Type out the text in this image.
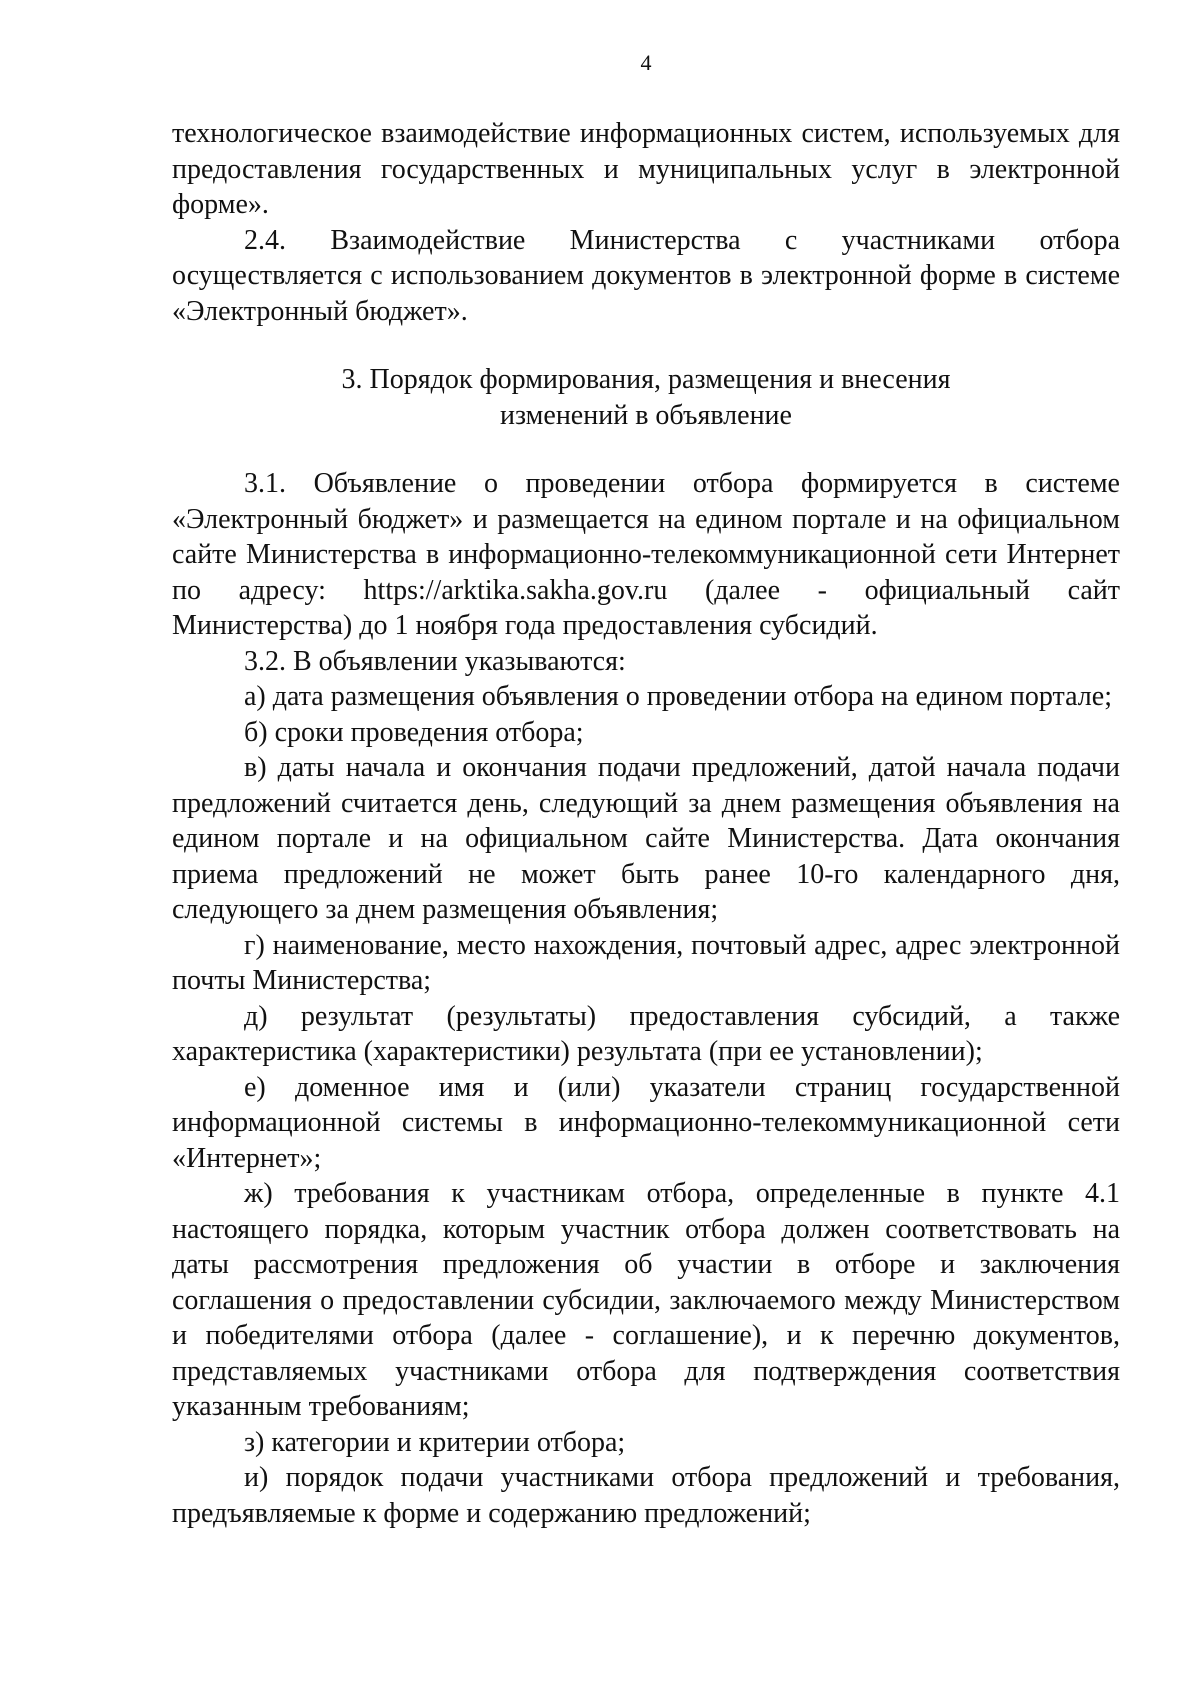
4

технологическое взаимодействие информационных систем, используемых для предоставления государственных и муниципальных услуг в электронной форме».

2.4. Взаимодействие Министерства с участниками отбора осуществляется с использованием документов в электронной форме в системе «Электронный бюджет».

3. Порядок формирования, размещения и внесения
изменений в объявление

3.1. Объявление о проведении отбора формируется в системе «Электронный бюджет» и размещается на едином портале и на официальном сайте Министерства в информационно-телекоммуникационной сети Интернет по адресу: https://arktika.sakha.gov.ru (далее - официальный сайт Министерства) до 1 ноября года предоставления субсидий.

3.2. В объявлении указываются:

а) дата размещения объявления о проведении отбора на едином портале;

б) сроки проведения отбора;

в) даты начала и окончания подачи предложений, датой начала подачи предложений считается день, следующий за днем размещения объявления на едином портале и на официальном сайте Министерства. Дата окончания приема предложений не может быть ранее 10-го календарного дня, следующего за днем размещения объявления;

г) наименование, место нахождения, почтовый адрес, адрес электронной почты Министерства;

д) результат (результаты) предоставления субсидий, а также характеристика (характеристики) результата (при ее установлении);

е) доменное имя и (или) указатели страниц государственной информационной системы в информационно-телекоммуникационной сети «Интернет»;

ж) требования к участникам отбора, определенные в пункте 4.1 настоящего порядка, которым участник отбора должен соответствовать на даты рассмотрения предложения об участии в отборе и заключения соглашения о предоставлении субсидии, заключаемого между Министерством и победителями отбора (далее - соглашение), и к перечню документов, представляемых участниками отбора для подтверждения соответствия указанным требованиям;

з) категории и критерии отбора;

и) порядок подачи участниками отбора предложений и требования, предъявляемые к форме и содержанию предложений;
